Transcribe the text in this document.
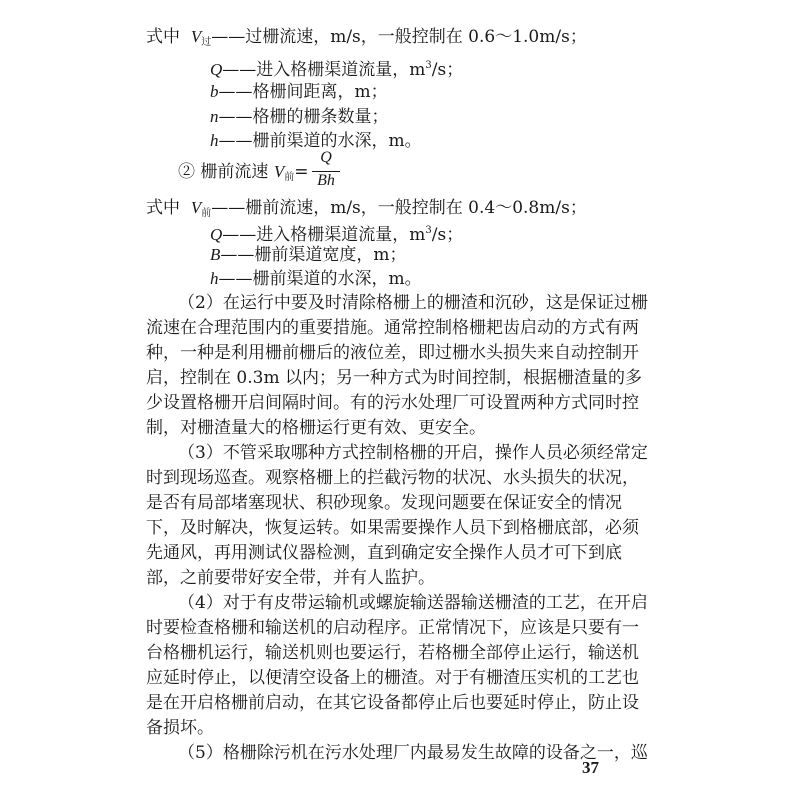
式中 $V_过——$过栅流速，m/s，一般控制在 0.6～1.0m/s；
Q——进入格栅渠道流量，$m^3/s$；
b——格栅间距离，m；
n——格栅的栅条数量；
h——栅前渠道的水深，m。
② 栅前流速 $V_前=$
Q
Bh
式中 $V_前——$栅前流速，m/s，一般控制在 0.4～0.8m/s；
Q——进入格栅渠道流量，$m^3/s$；
B——栅前渠道宽度，m；
h——栅前渠道的水深，m。
（2）在运行中要及时清除格栅上的栅渣和沉砂，这是保证过栅
流速在合理范围内的重要措施。通常控制格栅耙齿启动的方式有两
种，一种是利用栅前栅后的液位差，即过栅水头损失来自动控制开
启，控制在 0.3m 以内；另一种方式为时间控制，根据栅渣量的多
少设置格栅开启间隔时间。有的污水处理厂可设置两种方式同时控
制，对栅渣量大的格栅运行更有效、更安全。
（3）不管采取哪种方式控制格栅的开启，操作人员必须经常定
时到现场巡查。观察格栅上的拦截污物的状况、水头损失的状况，
是否有局部堵塞现状、积砂现象。发现问题要在保证安全的情况
下，及时解决，恢复运转。如果需要操作人员下到格栅底部，必须
先通风，再用测试仪器检测，直到确定安全操作人员才可下到底
部，之前要带好安全带，并有人监护。
（4）对于有皮带运输机或螺旋输送器输送栅渣的工艺，在开启
时要检查格栅和输送机的启动程序。正常情况下，应该是只要有一
台格栅机运行，输送机则也要运行，若格栅全部停止运行，输送机
应延时停止，以便清空设备上的栅渣。对于有栅渣压实机的工艺也
是在开启格栅前启动，在其它设备都停止后也要延时停止，防止设
备损坏。
（5）格栅除污机在污水处理厂内最易发生故障的设备之一，巡
37
